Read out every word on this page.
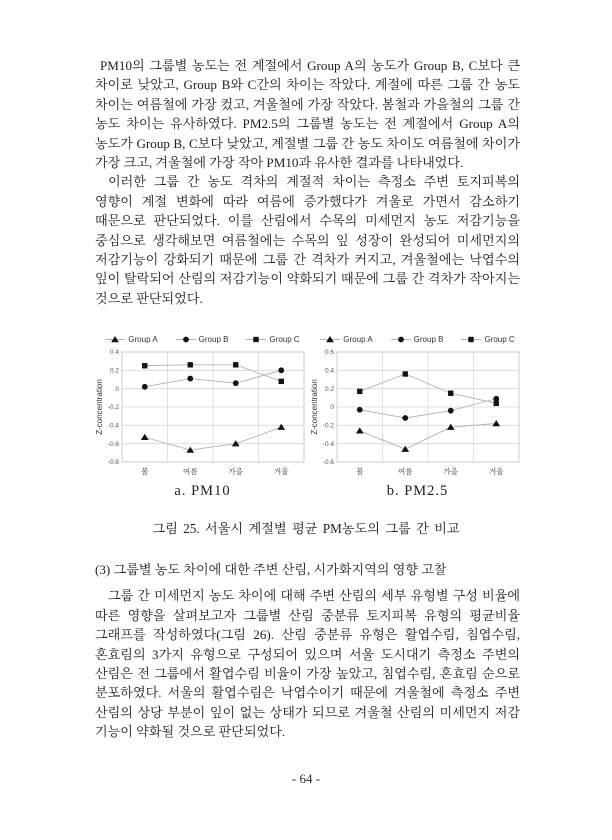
PM10의 그룹별 농도는 전 계절에서 Group A의 농도가 Group B, C보다 큰 차이로 낮았고, Group B와 C간의 차이는 작았다. 계절에 따른 그룹 간 농도 차이는 여름철에 가장 컸고, 겨울철에 가장 작았다. 봄철과 가을철의 그룹 간 농도 차이는 유사하였다. PM2.5의 그룹별 농도는 전 계절에서 Group A의 농도가 Group B, C보다 낮았고, 계절별 그룹 간 농도 차이도 여름철에 차이가 가장 크고, 겨울철에 가장 작아 PM10과 유사한 결과를 나타내었다.

이러한 그룹 간 농도 격차의 계절적 차이는 측정소 주변 토지피복의 영향이 계절 변화에 따라 여름에 증가했다가 겨울로 가면서 감소하기 때문으로 판단되었다. 이를 산림에서 수목의 미세먼지 농도 저감기능을 중심으로 생각해보면 여름철에는 수목의 잎 성장이 완성되어 미세먼지의 저감기능이 강화되기 때문에 그룹 간 격차가 커지고, 겨울철에는 낙엽수의 잎이 탈락되어 산림의 저감기능이 약화되기 때문에 그룹 간 격차가 작아지는 것으로 판단되었다.

Group A	Group B	Group C
0.4
0.2
0
-0.2
-0.4
-0.6
-0.8
봄	여름	가을	겨울
Z-concentration
a. PM10
Group A	Group B	Group C
0.6
0.4
0.2
0
-0.2
-0.4
-0.6
봄	여름	가을	겨울
Z-concentration
b. PM2.5
그림 25. 서울시 계절별 평균 PM농도의 그룹 간 비교

(3) 그룹별 농도 차이에 대한 주변 산림, 시가화지역의 영향 고찰

그룹 간 미세먼지 농도 차이에 대해 주변 산림의 세부 유형별 구성 비율에 따른 영향을 살펴보고자 그룹별 산림 중분류 토지피복 유형의 평균비율 그래프를 작성하였다(그림 26). 산림 중분류 유형은 활엽수림, 침엽수림, 혼효림의 3가지 유형으로 구성되어 있으며 서울 도시대기 측정소 주변의 산림은 전 그룹에서 활엽수림 비율이 가장 높았고, 침엽수림, 혼효림 순으로 분포하였다. 서울의 활엽수림은 낙엽수이기 때문에 겨울철에 측정소 주변 산림의 상당 부분이 잎이 없는 상태가 되므로 겨울철 산림의 미세먼지 저감 기능이 약화될 것으로 판단되었다.

- 64 -
